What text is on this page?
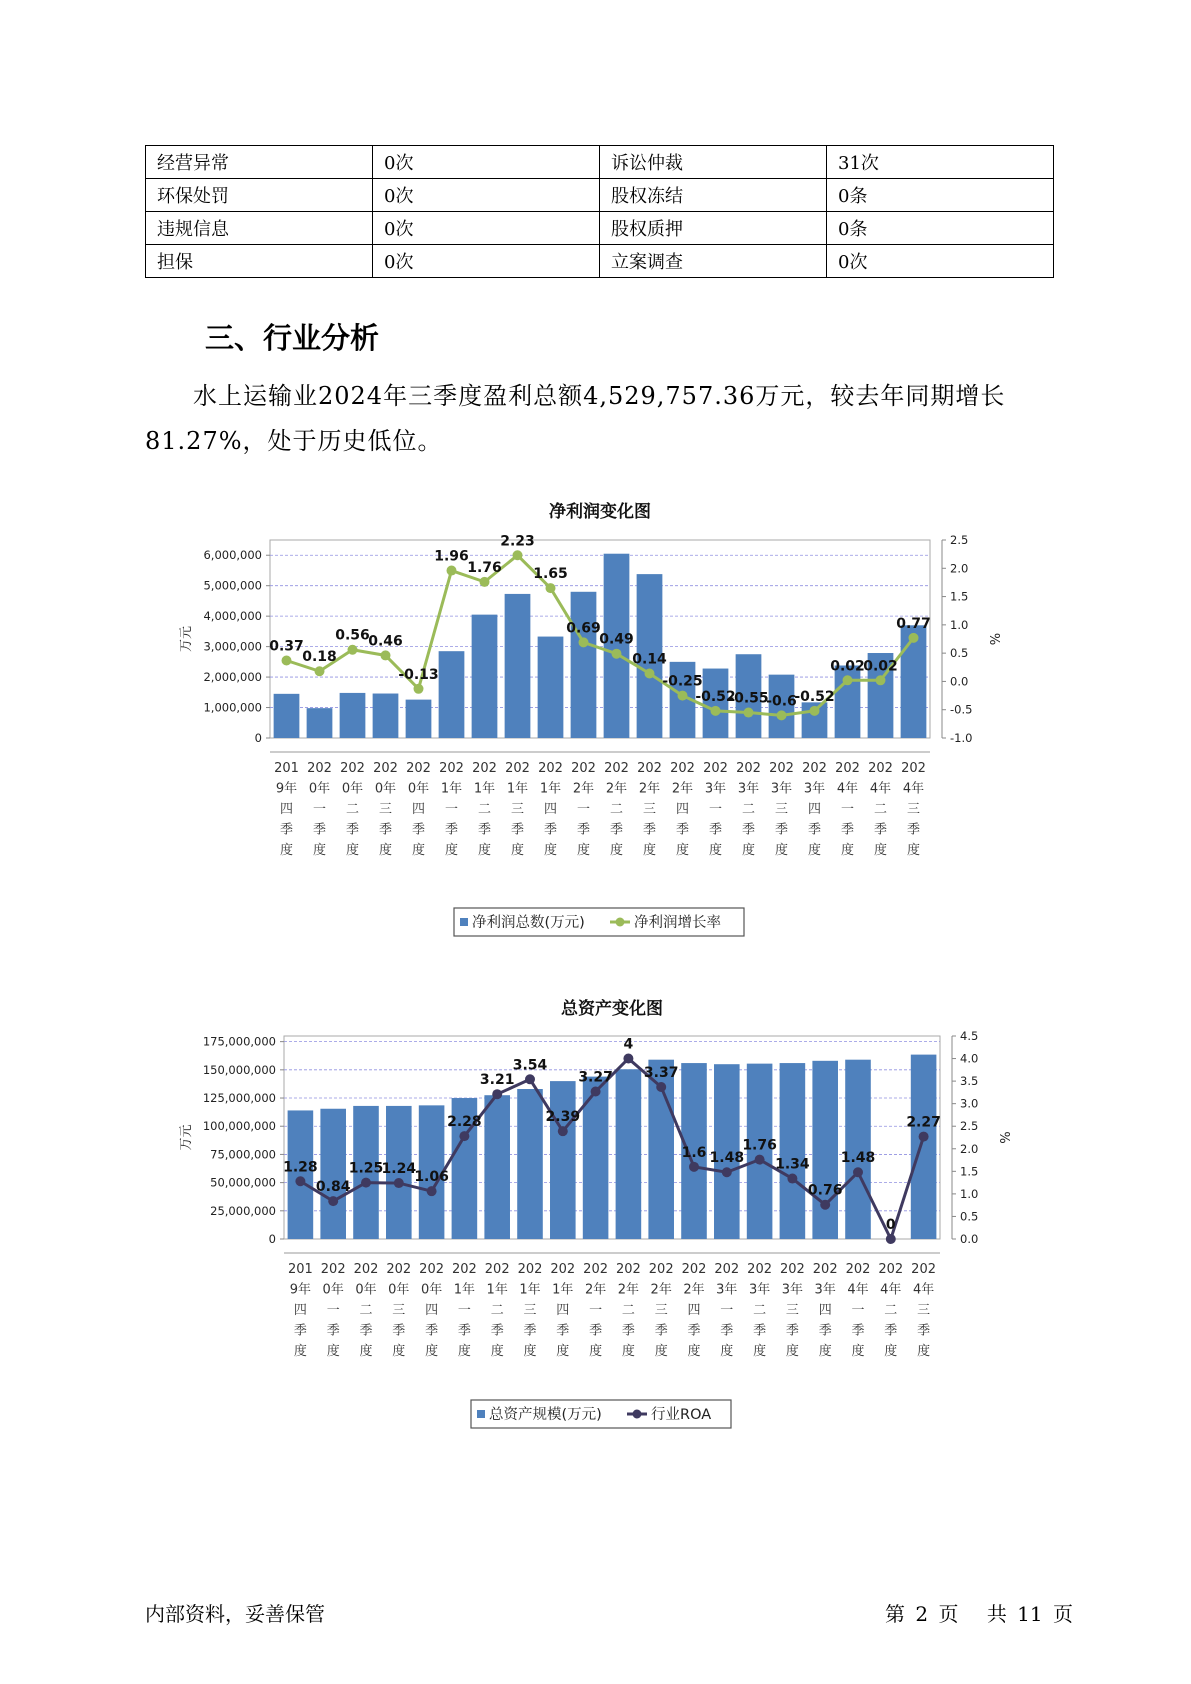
经营异常	0次	诉讼仲裁	31次
环保处罚	0次	股权冻结	0条
违规信息	0次	股权质押	0条
担保	0次	立案调查	0次
三、行业分析

水上运输业2024年三季度盈利总额4,529,757.36万元，较去年同期增长81.27%，处于历史低位。

净利润变化图
0
1,000,000
2,000,000
3,000,000
4,000,000
5,000,000
6,000,000
-1.0
-0.5
0.0
0.5
1.0
1.5
2.0
2.5
万元	%
0.37
0.18
0.56
0.46
-0.13
1.96
1.76
2.23
1.65
0.69
0.49
0.14
-0.25
-0.52
-0.55
-0.6
-0.52
0.02
0.02
0.77
201
9年
四
季
度
202
0年
一
季
度
202
0年
二
季
度
202
0年
三
季
度
202
0年
四
季
度
202
1年
一
季
度
202
1年
二
季
度
202
1年
三
季
度
202
1年
四
季
度
202
2年
一
季
度
202
2年
二
季
度
202
2年
三
季
度
202
2年
四
季
度
202
3年
一
季
度
202
3年
二
季
度
202
3年
三
季
度
202
3年
四
季
度
202
4年
一
季
度
202
4年
二
季
度
202
4年
三
季
度
净利润总数(万元)	净利润增长率
总资产变化图
0
25,000,000
50,000,000
75,000,000
100,000,000
125,000,000
150,000,000
175,000,000
0.0
0.5
1.0
1.5
2.0
2.5
3.0
3.5
4.0
4.5
万元	%
1.28
0.84
1.25
1.24
1.06
2.28
3.21
3.54
2.39
3.27
4
3.37
1.6 1.48
1.76
1.34
0.76
1.48
0
2.27
201
9年
四
季
度
202
0年
一
季
度
202
0年
二
季
度
202
0年
三
季
度
202
0年
四
季
度
202
1年
一
季
度
202
1年
二
季
度
202
1年
三
季
度
202
1年
四
季
度
202
2年
一
季
度
202
2年
二
季
度
202
2年
三
季
度
202
2年
四
季
度
202
3年
一
季
度
202
3年
二
季
度
202
3年
三
季
度
202
3年
四
季
度
202
4年
一
季
度
202
4年
二
季
度
202
4年
三
季
度
总资产规模(万元)	行业ROA
内部资料，妥善保管	第 2 页 共 11 页
